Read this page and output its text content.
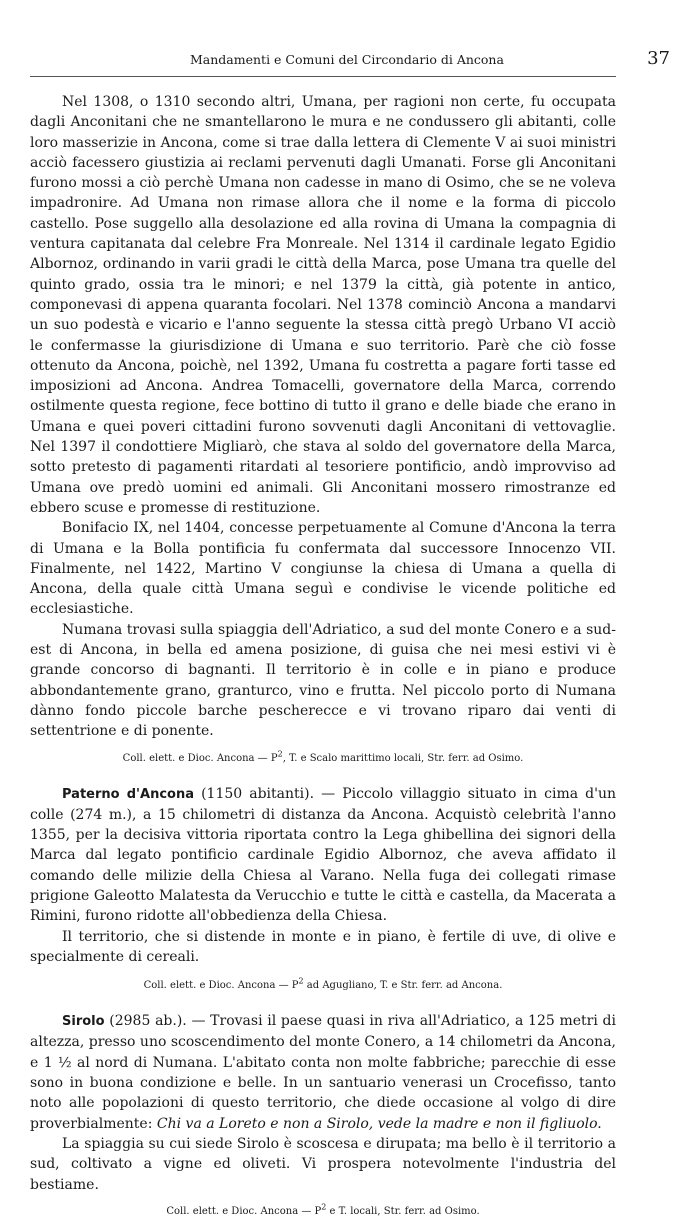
Mandamenti e Comuni del Circondario di Ancona	37

Nel 1308, o 1310 secondo altri, Umana, per ragioni non certe, fu occupata dagli Anconitani che ne smantellarono le mura e ne condussero gli abitanti, colle loro masserizie in Ancona, come si trae dalla lettera di Clemente V ai suoi ministri acciò facessero giustizia ai reclami pervenuti dagli Umanati. Forse gli Anconitani furono mossi a ciò perchè Umana non cadesse in mano di Osimo, che se ne voleva impadronire. Ad Umana non rimase allora che il nome e la forma di piccolo castello. Pose suggello alla desolazione ed alla rovina di Umana la compagnia di ventura capitanata dal celebre Fra Monreale. Nel 1314 il cardinale legato Egidio Albornoz, ordinando in varii gradi le città della Marca, pose Umana tra quelle del quinto grado, ossia tra le minori; e nel 1379 la città, già potente in antico, componevasi di appena quaranta focolari. Nel 1378 cominciò Ancona a mandarvi un suo podestà e vicario e l'anno seguente la stessa città pregò Urbano VI acciò le confermasse la giurisdizione di Umana e suo territorio. Parè che ciò fosse ottenuto da Ancona, poichè, nel 1392, Umana fu costretta a pagare forti tasse ed imposizioni ad Ancona. Andrea Tomacelli, governatore della Marca, correndo ostilmente questa regione, fece bottino di tutto il grano e delle biade che erano in Umana e quei poveri cittadini furono sovvenuti dagli Anconitani di vettovaglie. Nel 1397 il condottiere Migliarò, che stava al soldo del governatore della Marca, sotto pretesto di pagamenti ritardati al tesoriere pontificio, andò improvviso ad Umana ove predò uomini ed animali. Gli Anconitani mossero rimostranze ed ebbero scuse e promesse di restituzione.

Bonifacio IX, nel 1404, concesse perpetuamente al Comune d'Ancona la terra di Umana e la Bolla pontificia fu confermata dal successore Innocenzo VII. Finalmente, nel 1422, Martino V congiunse la chiesa di Umana a quella di Ancona, della quale città Umana seguì e condivise le vicende politiche ed ecclesiastiche.

Numana trovasi sulla spiaggia dell'Adriatico, a sud del monte Conero e a sud-est di Ancona, in bella ed amena posizione, di guisa che nei mesi estivi vi è grande concorso di bagnanti. Il territorio è in colle e in piano e produce abbondantemente grano, granturco, vino e frutta. Nel piccolo porto di Numana dànno fondo piccole barche pescherecce e vi trovano riparo dai venti di settentrione e di ponente.

Coll. elett. e Dioc. Ancona — $P^2$, T. e Scalo marittimo locali, Str. ferr. ad Osimo.

Paterno d'Ancona (1150 abitanti). — Piccolo villaggio situato in cima d'un colle (274 m.), a 15 chilometri di distanza da Ancona. Acquistò celebrità l'anno 1355, per la decisiva vittoria riportata contro la Lega ghibellina dei signori della Marca dal legato pontificio cardinale Egidio Albornoz, che aveva affidato il comando delle milizie della Chiesa al Varano. Nella fuga dei collegati rimase prigione Galeotto Malatesta da Verucchio e tutte le città e castella, da Macerata a Rimini, furono ridotte all'obbedienza della Chiesa.

Il territorio, che si distende in monte e in piano, è fertile di uve, di olive e specialmente di cereali.

Coll. elett. e Dioc. Ancona — $P^2$ ad Agugliano, T. e Str. ferr. ad Ancona.

Sirolo (2985 ab.). — Trovasi il paese quasi in riva all'Adriatico, a 125 metri di altezza, presso uno scoscendimento del monte Conero, a 14 chilometri da Ancona, e 1 ½ al nord di Numana. L'abitato conta non molte fabbriche; parecchie di esse sono in buona condizione e belle. In un santuario venerasi un Crocefisso, tanto noto alle popolazioni di questo territorio, che diede occasione al volgo di dire proverbialmente: Chi va a Loreto e non a Sirolo, vede la madre e non il figliuolo.

La spiaggia su cui siede Sirolo è scoscesa e dirupata; ma bello è il territorio a sud, coltivato a vigne ed oliveti. Vi prospera notevolmente l'industria del bestiame.

Coll. elett. e Dioc. Ancona — $P^2$ e T. locali, Str. ferr. ad Osimo.
